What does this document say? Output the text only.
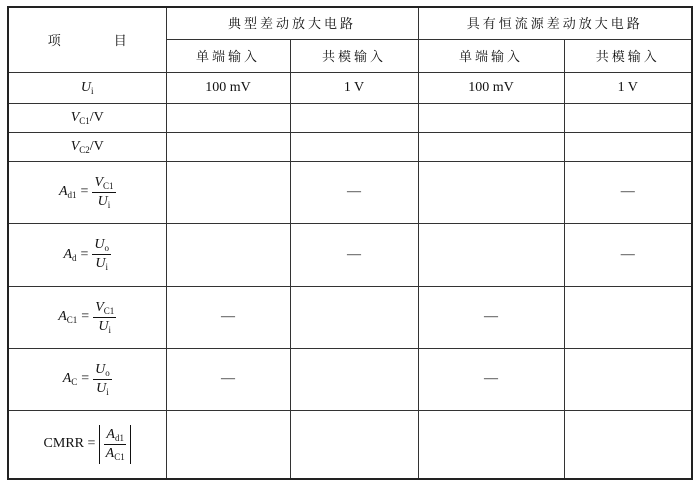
项　目	典型差动放大电路		具有恒流源差动放大电路	
	单端输入	共模输入	单端输入	共模输入
$U_i$	100 mV	1 V	100 mV	1 V
$V_{C1}/V$				
$V_{C2}/V$				

$A_{d1} = \frac{V_{C1}}{U_i}$		—		—

$A_d = \frac{U_o}{U_i}$		—		—

$A_{C1} = \frac{V_{C1}}{U_i}$	—		—	

$A_C = \frac{U_o}{U_i}$	—		—	

CMRR = $\frac{A_{d1}}{A_{C1}}$
